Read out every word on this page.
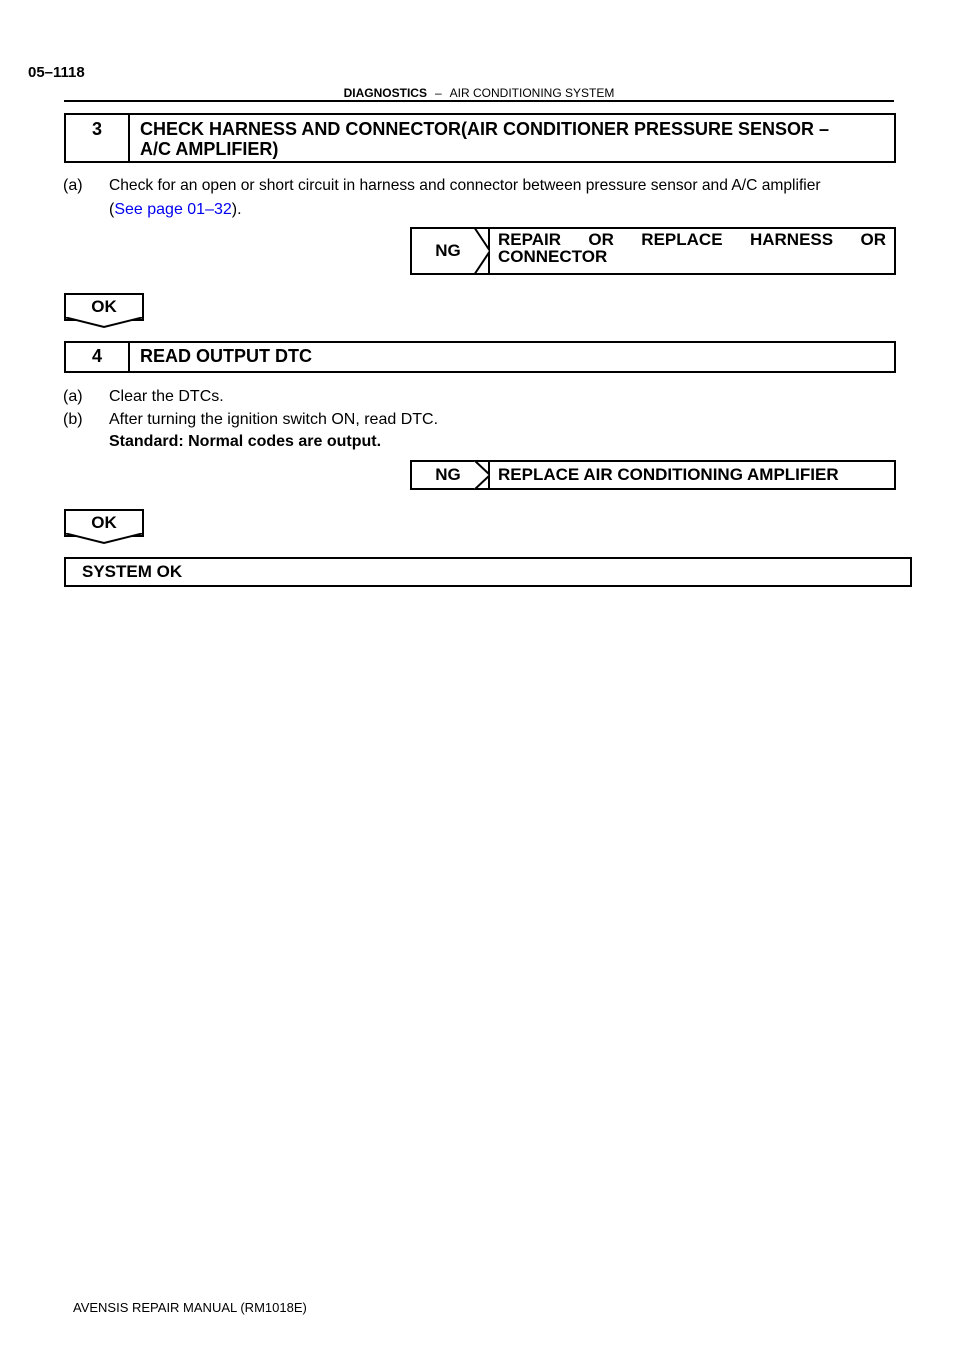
05–1118
DIAGNOSTICS – AIR CONDITIONING SYSTEM
3	CHECK HARNESS AND CONNECTOR(AIR CONDITIONER PRESSURE SENSOR –
A/C AMPLIFIER)
(a)	Check for an open or short circuit in harness and connector between pressure sensor and A/C amplifier
(See page 01–32).
NG
REPAIR OR REPLACE HARNESS OR
CONNECTOR
OK
4	READ OUTPUT DTC
(a)	Clear the DTCs.
(b)	After turning the ignition switch ON, read DTC.
Standard: Normal codes are output.
NG	REPLACE AIR CONDITIONING AMPLIFIER
OK
SYSTEM OK
AVENSIS REPAIR MANUAL (RM1018E)
